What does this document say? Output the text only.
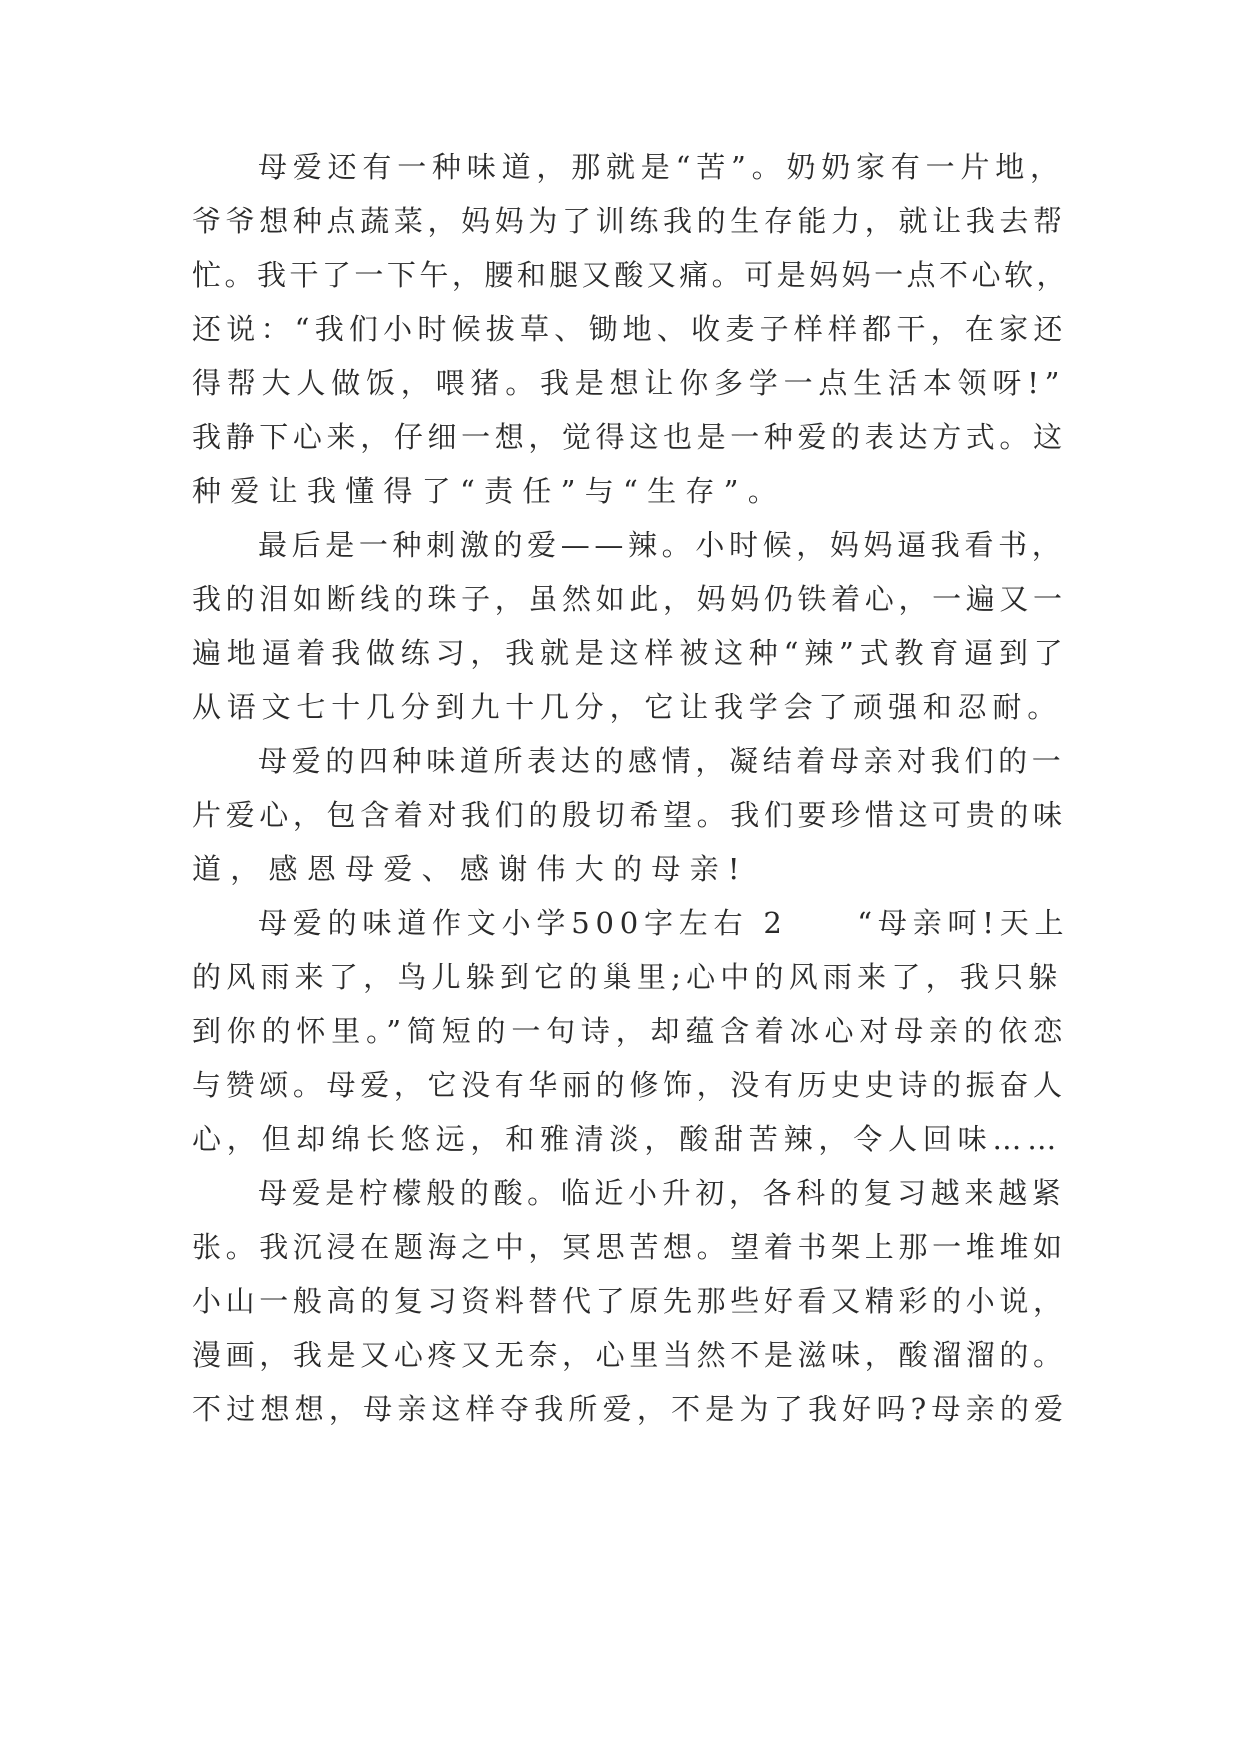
母爱还有一种味道，那就是“苦”。奶奶家有一片地，
爷爷想种点蔬菜，妈妈为了训练我的生存能力，就让我去帮
忙。我干了一下午，腰和腿又酸又痛。可是妈妈一点不心软，
还说：“我们小时候拔草、锄地、收麦子样样都干，在家还
得帮大人做饭，喂猪。我是想让你多学一点生活本领呀!”
我静下心来，仔细一想，觉得这也是一种爱的表达方式。这
种爱让我懂得了“责任”与“生存”。
最后是一种刺激的爱——辣。小时候，妈妈逼我看书，
我的泪如断线的珠子，虽然如此，妈妈仍铁着心，一遍又一
遍地逼着我做练习，我就是这样被这种“辣”式教育逼到了
从语文七十几分到九十几分，它让我学会了顽强和忍耐。
母爱的四种味道所表达的感情，凝结着母亲对我们的一
片爱心，包含着对我们的殷切希望。我们要珍惜这可贵的味
道，感恩母爱、感谢伟大的母亲!
母爱的味道作文小学500字左右 2　　“母亲呵!天上
的风雨来了，鸟儿躲到它的巢里;心中的风雨来了，我只躲
到你的怀里。”简短的一句诗，却蕴含着冰心对母亲的依恋
与赞颂。母爱，它没有华丽的修饰，没有历史史诗的振奋人
心，但却绵长悠远，和雅清淡，酸甜苦辣，令人回味……
母爱是柠檬般的酸。临近小升初，各科的复习越来越紧
张。我沉浸在题海之中，冥思苦想。望着书架上那一堆堆如
小山一般高的复习资料替代了原先那些好看又精彩的小说，
漫画，我是又心疼又无奈，心里当然不是滋味，酸溜溜的。
不过想想，母亲这样夺我所爱，不是为了我好吗?母亲的爱
